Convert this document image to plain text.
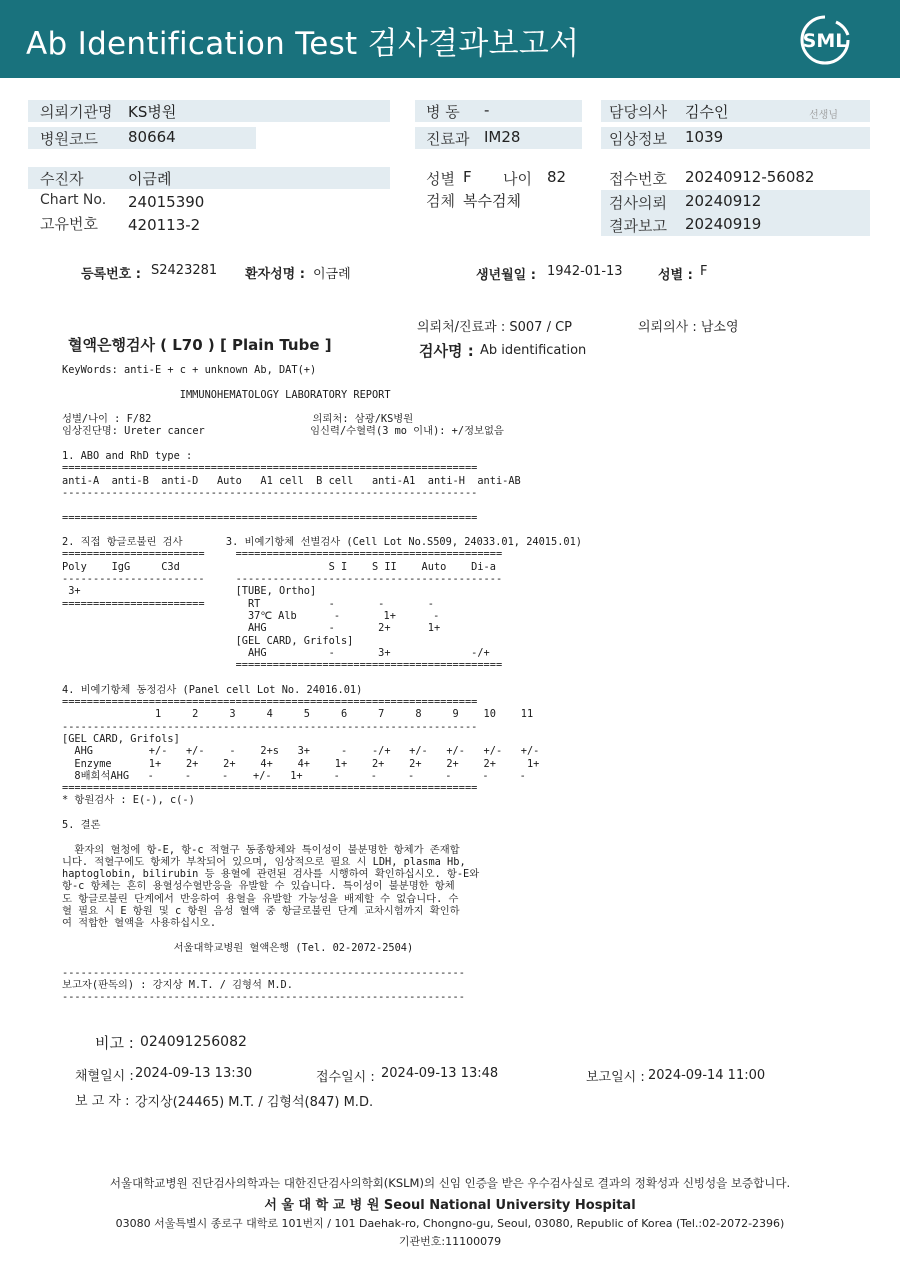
Ab Identification Test 검사결과보고서	SML
의뢰기관명 KS병원
병원코드 80664
병 동 -
진료과 IM28
담당의사 김수인	선생님
임상정보 1039
수진자	이금례
Chart No. 24015390
고유번호 420113-2
성별 F 나이 82
검체 복수검체
접수번호 20240912-56082
검사의뢰 20240912
결과보고 20240919
등록번호 : S2423281 환자성명 : 이금례	생년월일 : 1942-01-13	성별 : F
의뢰처/진료과 : S007 / CP	의뢰의사 : 남소영
혈액은행검사 ( L70 ) [ Plain Tube ]	검사명 : Ab identification
KeyWords: anti-E + c + unknown Ab, DAT(+)

IMMUNOHEMATOLOGY LABORATORY REPORT

성별/나이 : F/82                          의뢰처: 삼광/KS병원
임상진단명: Ureter cancer                 임신력/수혈력(3 mo 이내): +/정보없음

1. ABO and RhD type :
===================================================================
anti-A  anti-B  anti-D   Auto   A1 cell  B cell   anti-A1  anti-H  anti-AB
-------------------------------------------------------------------

===================================================================

2. 직접 항글로불린 검사       3. 비예기항체 선별검사 (Cell Lot No.S509, 24033.01, 24015.01)
=======================     ===========================================
Poly    IgG     C3d                        S I    S II    Auto    Di-a
-----------------------     -------------------------------------------
3+                         [TUBE, Ortho]
=======================       RT           -       -       -
37℃ Alb      -       1+      -
AHG          -       2+      1+
[GEL CARD, Grifols]
AHG          -       3+             -/+
===========================================

4. 비예기항체 동정검사 (Panel cell Lot No. 24016.01)
===================================================================
1     2     3     4     5     6     7     8     9    10    11
-------------------------------------------------------------------
[GEL CARD, Grifols]
AHG         +/-   +/-    -    2+s   3+     -    -/+   +/-   +/-   +/-   +/-
Enzyme      1+    2+    2+    4+    4+    1+    2+    2+    2+    2+     1+
8배희석AHG   -     -     -    +/-   1+     -     -     -     -     -     -
===================================================================
* 항원검사 : E(-), c(-)

5. 결론

환자의 혈청에 항-E, 항-c 적혈구 동종항체와 특이성이 불분명한 항체가 존재합
니다. 적혈구에도 항체가 부착되어 있으며, 임상적으로 필요 시 LDH, plasma Hb,
haptoglobin, bilirubin 등 용혈에 관련된 검사를 시행하여 확인하십시오. 항-E와
항-c 항체는 흔히 용혈성수혈반응을 유발할 수 있습니다. 특이성이 불분명한 항체
도 항글로불린 단계에서 반응하여 용혈을 유발할 가능성을 배제할 수 없습니다. 수
혈 필요 시 E 항원 및 c 항원 음성 혈액 중 항글로불린 단계 교차시험까지 확인하
여 적합한 혈액을 사용하십시오.

서울대학교병원 혈액은행 (Tel. 02-2072-2504)

-----------------------------------------------------------------
보고자(판독의) : 강지상 M.T. / 김형석 M.D.
-----------------------------------------------------------------
비고 : 024091256082
채혈일시 : 2024-09-13 13:30	접수일시 : 2024-09-13 13:48	보고일시 : 2024-09-14 11:00
보 고 자 : 강지상(24465) M.T. / 김형석(847) M.D.
서울대학교병원 진단검사의학과는 대한진단검사의학회(KSLM)의 신임 인증을 받은 우수검사실로 결과의 정확성과 신빙성을 보증합니다.
서 울 대 학 교 병 원 Seoul National University Hospital
03080 서울특별시 종로구 대학로 101번지 / 101 Daehak-ro, Chongno-gu, Seoul, 03080, Republic of Korea (Tel.:02-2072-2396)
기관번호:11100079
